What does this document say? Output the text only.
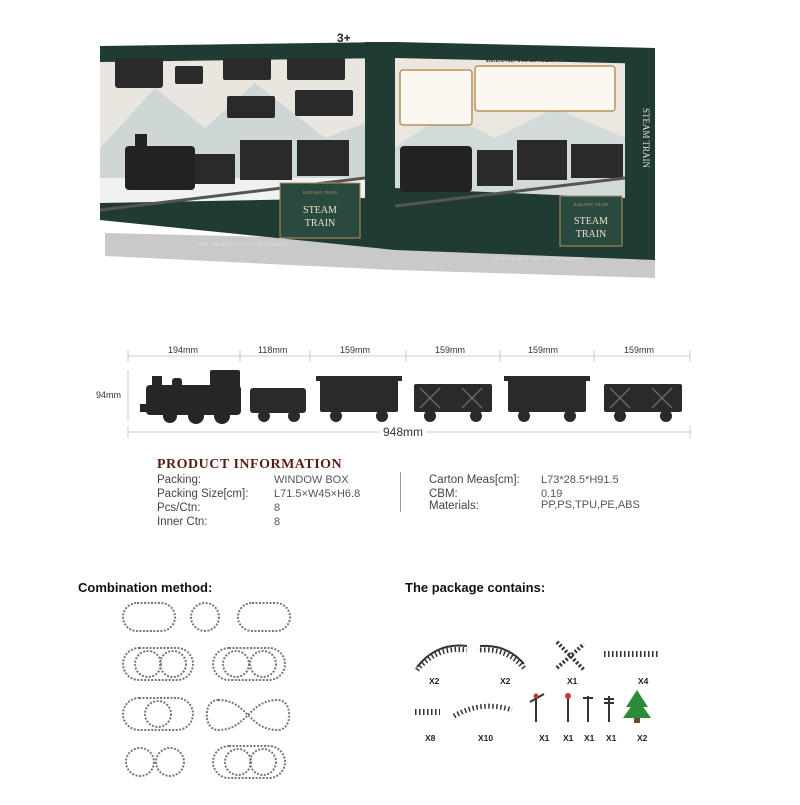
RAILWAY TRAIN
STEAM
TRAIN
GIVE THE BEST TOYS TO THE CHILDREN.
3+
DELUXE TRAIN SET
RAILWAY TRAIN
STEAM
TRAIN
GIVE THE BEST TOYS TO THE CHILDREN.
STEAM TRAIN
194mm	118mm	159mm	159mm	159mm	159mm
94mm
948mm
PRODUCT INFORMATION
Packing:	WINDOW BOX
Packing Size[cm]: L71.5×W45×H6.8
Pcs/Ctn:	8
Inner Ctn:	8
Carton Meas[cm]: L73*28.5*H91.5
CBM:	0.19
Materials:	PP,PS,TPU,PE,ABS
Combination method:
—
The package contains:
X2	X2	X1	X4
X8	X10	X1 X1 X1 X1 X2
